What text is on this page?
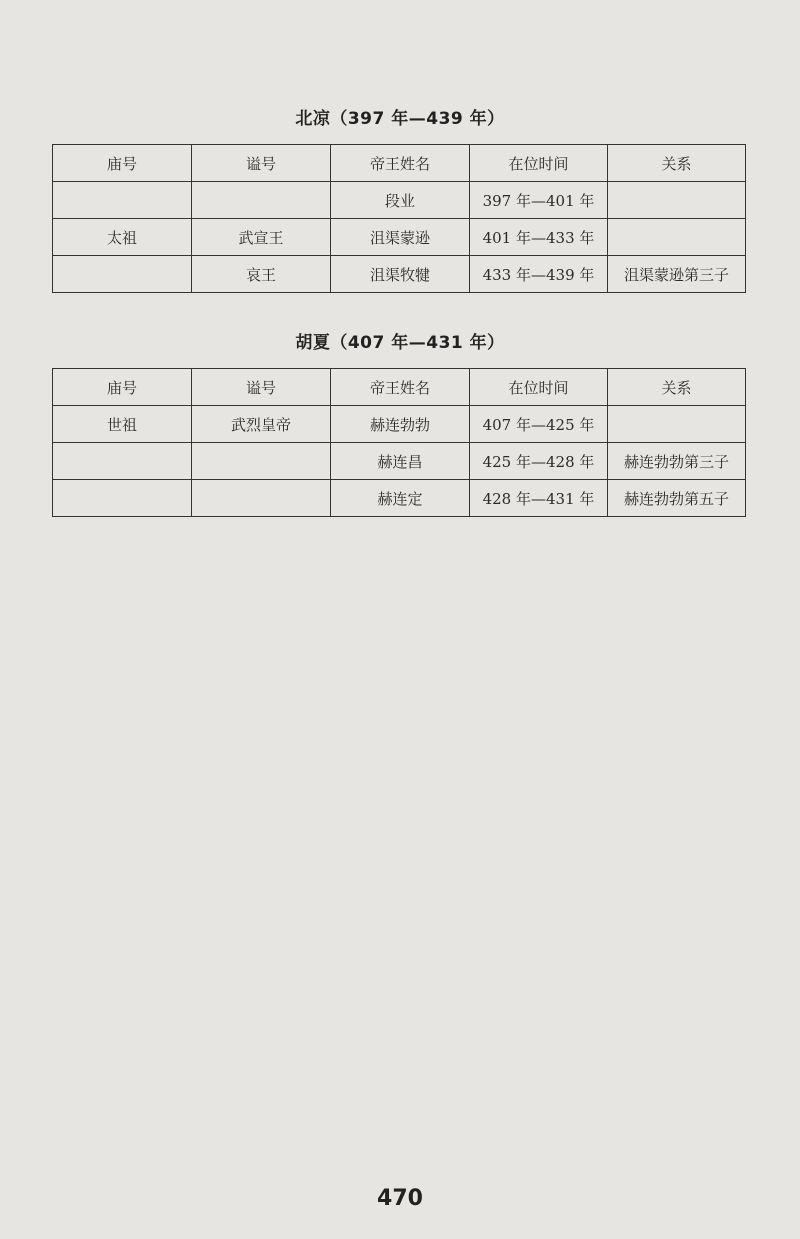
北凉（397 年—439 年）
庙号	谥号	帝王姓名	在位时间	关系
		段业	397 年—401 年	
太祖	武宣王	沮渠蒙逊	401 年—433 年	
	哀王	沮渠牧犍	433 年—439 年	沮渠蒙逊第三子
胡夏（407 年—431 年）
庙号	谥号	帝王姓名	在位时间	关系
世祖	武烈皇帝	赫连勃勃	407 年—425 年	
		赫连昌	425 年—428 年	赫连勃勃第三子
		赫连定	428 年—431 年	赫连勃勃第五子
470
